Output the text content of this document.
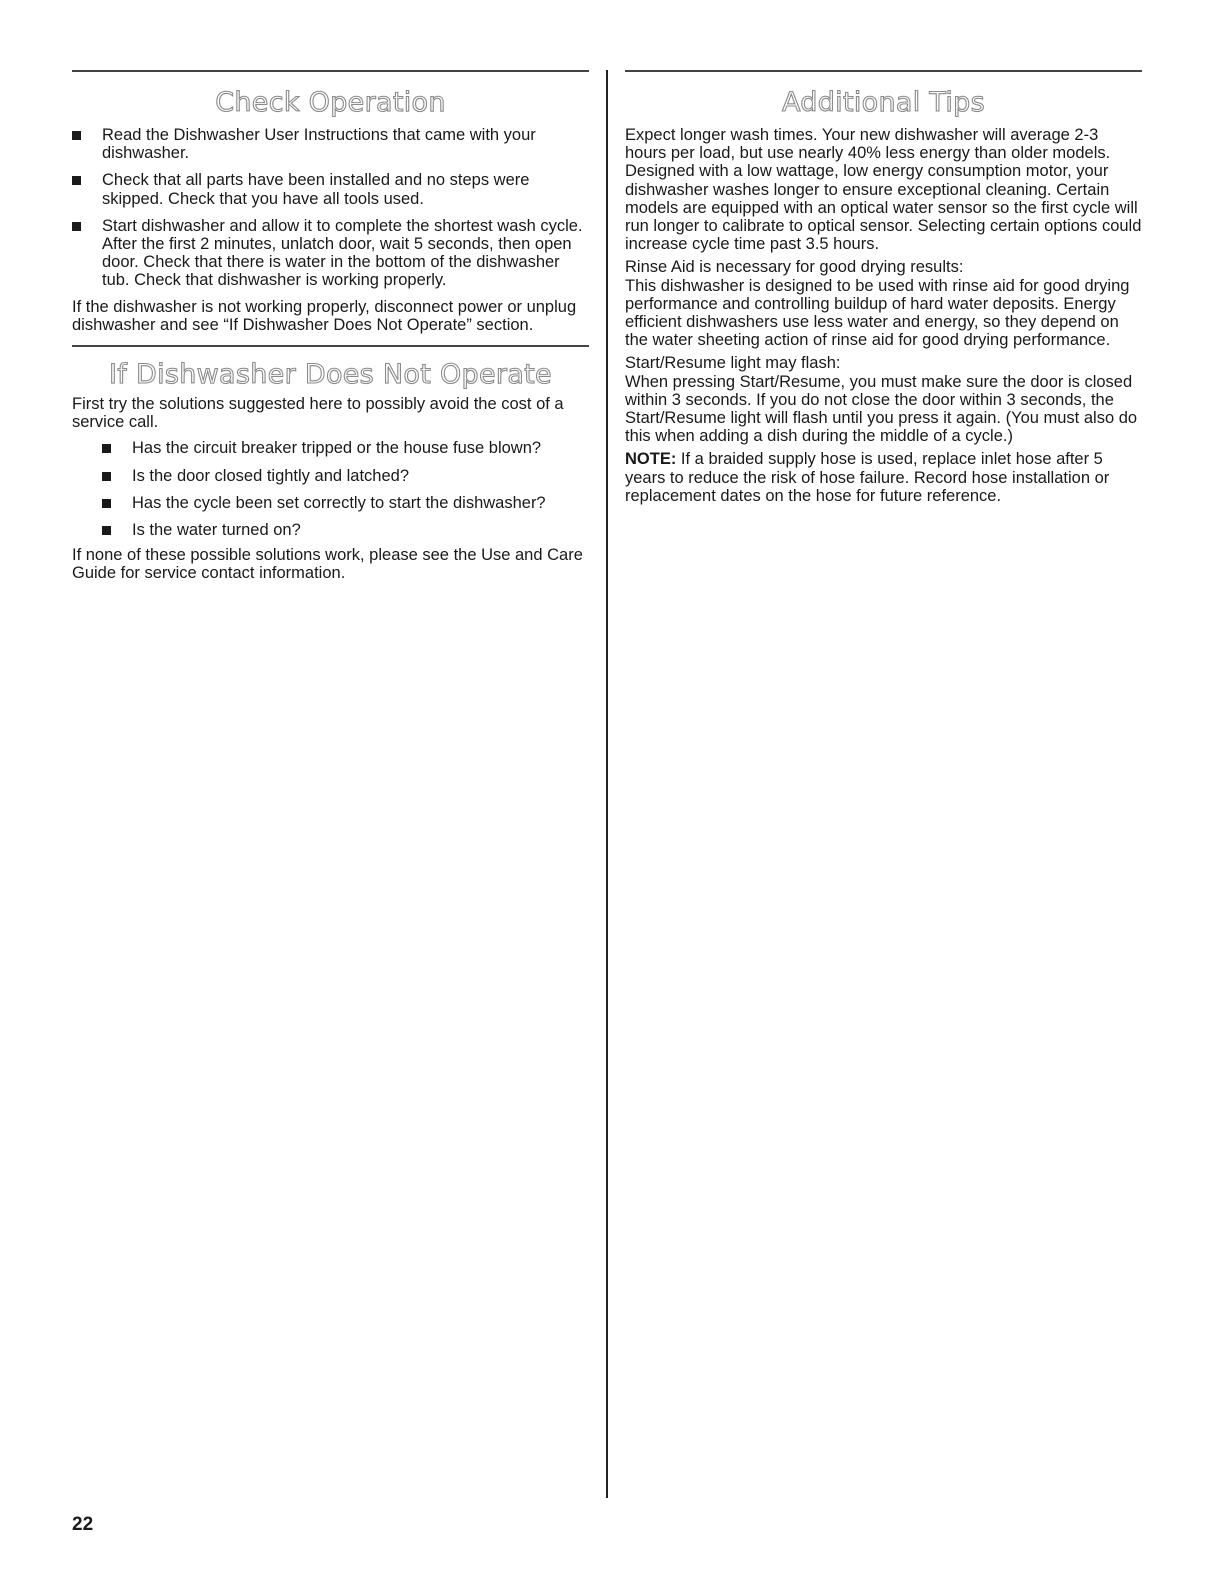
Check Operation
Read the Dishwasher User Instructions that came with your dishwasher.
Check that all parts have been installed and no steps were skipped. Check that you have all tools used.
Start dishwasher and allow it to complete the shortest wash cycle. After the first 2 minutes, unlatch door, wait 5 seconds, then open door. Check that there is water in the bottom of the dishwasher tub. Check that dishwasher is working properly.

If the dishwasher is not working properly, disconnect power or unplug dishwasher and see “If Dishwasher Does Not Operate” section.

If Dishwasher Does Not Operate

First try the solutions suggested here to possibly avoid the cost of a service call.

Has the circuit breaker tripped or the house fuse blown?
Is the door closed tightly and latched?
Has the cycle been set correctly to start the dishwasher?
Is the water turned on?

If none of these possible solutions work, please see the Use and Care Guide for service contact information.

Additional Tips

Expect longer wash times. Your new dishwasher will average 2-3 hours per load, but use nearly 40% less energy than older models. Designed with a low wattage, low energy consumption motor, your dishwasher washes longer to ensure exceptional cleaning. Certain models are equipped with an optical water sensor so the first cycle will run longer to calibrate to optical sensor. Selecting certain options could increase cycle time past 3.5 hours.

Rinse Aid is necessary for good drying results:

This dishwasher is designed to be used with rinse aid for good drying performance and controlling buildup of hard water deposits. Energy efficient dishwashers use less water and energy, so they depend on the water sheeting action of rinse aid for good drying performance.

Start/Resume light may flash:

When pressing Start/Resume, you must make sure the door is closed within 3 seconds. If you do not close the door within 3 seconds, the Start/Resume light will flash until you press it again. (You must also do this when adding a dish during the middle of a cycle.)

NOTE: If a braided supply hose is used, replace inlet hose after 5 years to reduce the risk of hose failure. Record hose installation or replacement dates on the hose for future reference.

22
